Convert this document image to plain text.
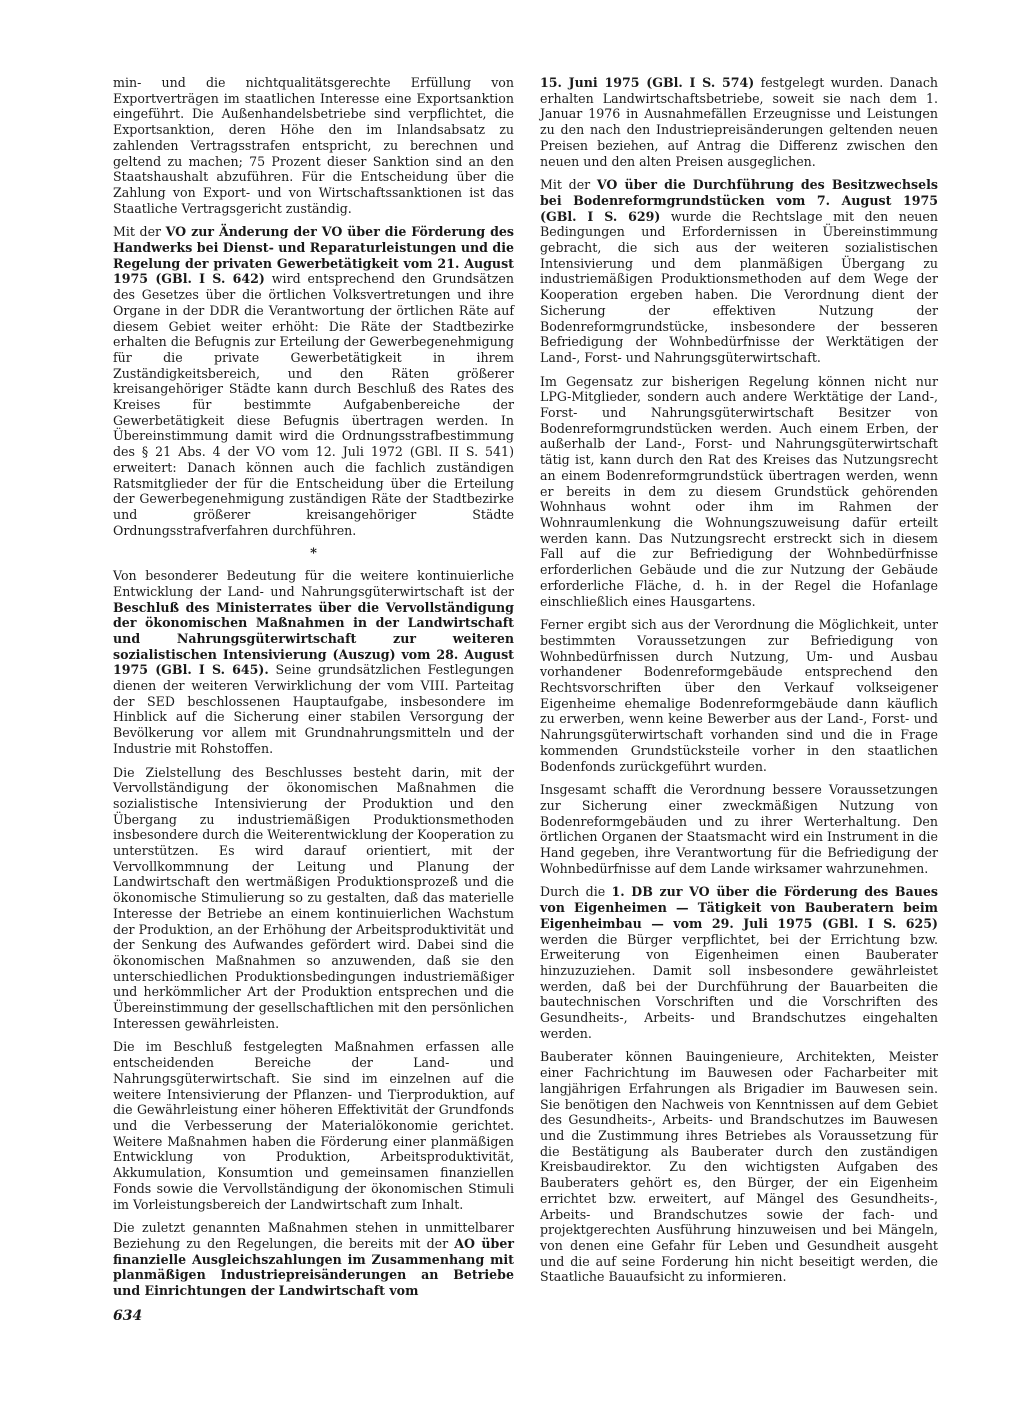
min- und die nichtqualitätsgerechte Erfüllung von Exportverträgen im staatlichen Interesse eine Exportsanktion eingeführt. Die Außenhandelsbetriebe sind verpflichtet, die Exportsanktion, deren Höhe den im Inlandsabsatz zu zahlenden Vertragsstrafen entspricht, zu berechnen und geltend zu machen; 75 Prozent dieser Sanktion sind an den Staatshaushalt abzuführen. Für die Entscheidung über die Zahlung von Export- und von Wirtschaftssanktionen ist das Staatliche Vertragsgericht zuständig.

Mit der VO zur Änderung der VO über die Förderung des Handwerks bei Dienst- und Reparaturleistungen und die Regelung der privaten Gewerbetätigkeit vom 21. August 1975 (GBl. I S. 642) wird entsprechend den Grundsätzen des Gesetzes über die örtlichen Volksvertretungen und ihre Organe in der DDR die Verantwortung der örtlichen Räte auf diesem Gebiet weiter erhöht: Die Räte der Stadtbezirke erhalten die Befugnis zur Erteilung der Gewerbegenehmigung für die private Gewerbetätigkeit in ihrem Zuständigkeitsbereich, und den Räten größerer kreisangehöriger Städte kann durch Beschluß des Rates des Kreises für bestimmte Aufgabenbereiche der Gewerbetätigkeit diese Befugnis übertragen werden. In Übereinstimmung damit wird die Ordnungsstrafbestimmung des § 21 Abs. 4 der VO vom 12. Juli 1972 (GBl. II S. 541) erweitert: Danach können auch die fachlich zuständigen Ratsmitglieder der für die Entscheidung über die Erteilung der Gewerbegenehmigung zuständigen Räte der Stadtbezirke und größerer kreisangehöriger Städte Ordnungsstrafverfahren durchführen.

*

Von besonderer Bedeutung für die weitere kontinuierliche Entwicklung der Land- und Nahrungsgüterwirtschaft ist der Beschluß des Ministerrates über die Vervollständigung der ökonomischen Maßnahmen in der Landwirtschaft und Nahrungsgüterwirtschaft zur weiteren sozialistischen Intensivierung (Auszug) vom 28. August 1975 (GBl. I S. 645). Seine grundsätzlichen Festlegungen dienen der weiteren Verwirklichung der vom VIII. Parteitag der SED beschlossenen Hauptaufgabe, insbesondere im Hinblick auf die Sicherung einer stabilen Versorgung der Bevölkerung vor allem mit Grundnahrungsmitteln und der Industrie mit Rohstoffen.

Die Zielstellung des Beschlusses besteht darin, mit der Vervollständigung der ökonomischen Maßnahmen die sozialistische Intensivierung der Produktion und den Übergang zu industriemäßigen Produktionsmethoden insbesondere durch die Weiterentwicklung der Kooperation zu unterstützen. Es wird darauf orientiert, mit der Vervollkommnung der Leitung und Planung der Landwirtschaft den wertmäßigen Produktionsprozeß und die ökonomische Stimulierung so zu gestalten, daß das materielle Interesse der Betriebe an einem kontinuierlichen Wachstum der Produktion, an der Erhöhung der Arbeitsproduktivität und der Senkung des Aufwandes gefördert wird. Dabei sind die ökonomischen Maßnahmen so anzuwenden, daß sie den unterschiedlichen Produktionsbedingungen industriemäßiger und herkömmlicher Art der Produktion entsprechen und die Übereinstimmung der gesellschaftlichen mit den persönlichen Interessen gewährleisten.

Die im Beschluß festgelegten Maßnahmen erfassen alle entscheidenden Bereiche der Land- und Nahrungsgüterwirtschaft. Sie sind im einzelnen auf die weitere Intensivierung der Pflanzen- und Tierproduktion, auf die Gewährleistung einer höheren Effektivität der Grundfonds und die Verbesserung der Materialökonomie gerichtet. Weitere Maßnahmen haben die Förderung einer planmäßigen Entwicklung von Produktion, Arbeitsproduktivität, Akkumulation, Konsumtion und gemeinsamen finanziellen Fonds sowie die Vervollständigung der ökonomischen Stimuli im Vorleistungsbereich der Landwirtschaft zum Inhalt.

Die zuletzt genannten Maßnahmen stehen in unmittelbarer Beziehung zu den Regelungen, die bereits mit der AO über finanzielle Ausgleichszahlungen im Zusammenhang mit planmäßigen Industriepreisänderungen an Betriebe und Einrichtungen der Landwirtschaft vom

15. Juni 1975 (GBl. I S. 574) festgelegt wurden. Danach erhalten Landwirtschaftsbetriebe, soweit sie nach dem 1. Januar 1976 in Ausnahmefällen Erzeugnisse und Leistungen zu den nach den Industriepreisänderungen geltenden neuen Preisen beziehen, auf Antrag die Differenz zwischen den neuen und den alten Preisen ausgeglichen.

Mit der VO über die Durchführung des Besitzwechsels bei Bodenreformgrundstücken vom 7. August 1975 (GBl. I S. 629) wurde die Rechtslage mit den neuen Bedingungen und Erfordernissen in Übereinstimmung gebracht, die sich aus der weiteren sozialistischen Intensivierung und dem planmäßigen Übergang zu industriemäßigen Produktionsmethoden auf dem Wege der Kooperation ergeben haben. Die Verordnung dient der Sicherung der effektiven Nutzung der Bodenreformgrundstücke, insbesondere der besseren Befriedigung der Wohnbedürfnisse der Werktätigen der Land-, Forst- und Nahrungsgüterwirtschaft.

Im Gegensatz zur bisherigen Regelung können nicht nur LPG-Mitglieder, sondern auch andere Werktätige der Land-, Forst- und Nahrungsgüterwirtschaft Besitzer von Bodenreformgrundstücken werden. Auch einem Erben, der außerhalb der Land-, Forst- und Nahrungsgüterwirtschaft tätig ist, kann durch den Rat des Kreises das Nutzungsrecht an einem Bodenreformgrundstück übertragen werden, wenn er bereits in dem zu diesem Grundstück gehörenden Wohnhaus wohnt oder ihm im Rahmen der Wohnraumlenkung die Wohnungszuweisung dafür erteilt werden kann. Das Nutzungsrecht erstreckt sich in diesem Fall auf die zur Befriedigung der Wohnbedürfnisse erforderlichen Gebäude und die zur Nutzung der Gebäude erforderliche Fläche, d. h. in der Regel die Hofanlage einschließlich eines Hausgartens.

Ferner ergibt sich aus der Verordnung die Möglichkeit, unter bestimmten Voraussetzungen zur Befriedigung von Wohnbedürfnissen durch Nutzung, Um- und Ausbau vorhandener Bodenreformgebäude entsprechend den Rechtsvorschriften über den Verkauf volkseigener Eigenheime ehemalige Bodenreformgebäude dann käuflich zu erwerben, wenn keine Bewerber aus der Land-, Forst- und Nahrungsgüterwirtschaft vorhanden sind und die in Frage kommenden Grundstücksteile vorher in den staatlichen Bodenfonds zurückgeführt wurden.

Insgesamt schafft die Verordnung bessere Voraussetzungen zur Sicherung einer zweckmäßigen Nutzung von Bodenreformgebäuden und zu ihrer Werterhaltung. Den örtlichen Organen der Staatsmacht wird ein Instrument in die Hand gegeben, ihre Verantwortung für die Befriedigung der Wohnbedürfnisse auf dem Lande wirksamer wahrzunehmen.

Durch die 1. DB zur VO über die Förderung des Baues von Eigenheimen — Tätigkeit von Bauberatern beim Eigenheimbau — vom 29. Juli 1975 (GBl. I S. 625) werden die Bürger verpflichtet, bei der Errichtung bzw. Erweiterung von Eigenheimen einen Bauberater hinzuzuziehen. Damit soll insbesondere gewährleistet werden, daß bei der Durchführung der Bauarbeiten die bautechnischen Vorschriften und die Vorschriften des Gesundheits-, Arbeits- und Brandschutzes eingehalten werden.

Bauberater können Bauingenieure, Architekten, Meister einer Fachrichtung im Bauwesen oder Facharbeiter mit langjährigen Erfahrungen als Brigadier im Bauwesen sein. Sie benötigen den Nachweis von Kenntnissen auf dem Gebiet des Gesundheits-, Arbeits- und Brandschutzes im Bauwesen und die Zustimmung ihres Betriebes als Voraussetzung für die Bestätigung als Bauberater durch den zuständigen Kreisbaudirektor. Zu den wichtigsten Aufgaben des Bauberaters gehört es, den Bürger, der ein Eigenheim errichtet bzw. erweitert, auf Mängel des Gesundheits-, Arbeits- und Brandschutzes sowie der fach- und projektgerechten Ausführung hinzuweisen und bei Mängeln, von denen eine Gefahr für Leben und Gesundheit ausgeht und die auf seine Forderung hin nicht beseitigt werden, die Staatliche Bauaufsicht zu informieren.

634
